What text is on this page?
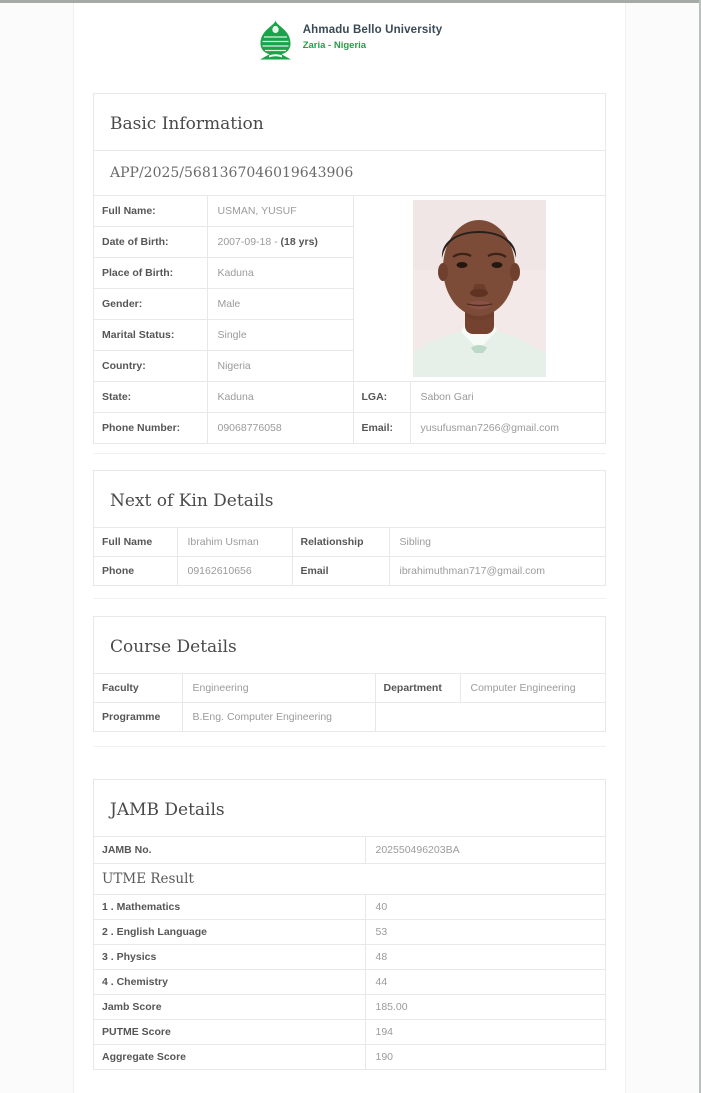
Ahmadu Bello University
Zaria - Nigeria
Basic Information
APP/2025/5681367046019643906
Full Name:	USMAN, YUSUF	
Date of Birth:	2007-09-18 - (18 yrs)		
Place of Birth:	Kaduna		
Gender:	Male		
Marital Status:	Single		
Country:	Nigeria		
State:	Kaduna	LGA:	Sabon Gari
Phone Number:	09068776058	Email:	yusufusman7266@gmail.com
Next of Kin Details
Full Name	Ibrahim Usman	Relationship	Sibling
Phone	09162610656	Email	ibrahimuthman717@gmail.com
Course Details
Faculty	Engineering	Department	Computer Engineering
Programme	B.Eng. Computer Engineering		
JAMB Details
JAMB No.	202550496203BA
UTME Result
1 . Mathematics	40
2 . English Language	53
3 . Physics	48
4 . Chemistry	44
Jamb Score	185.00
PUTME Score	194
Aggregate Score	190
